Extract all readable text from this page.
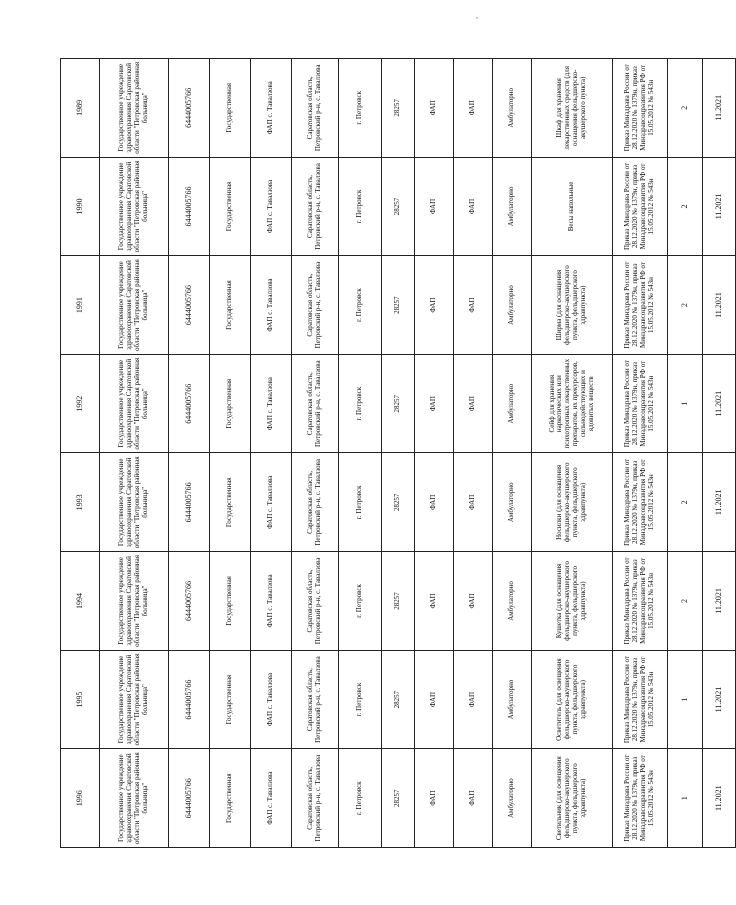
1996	1995	1994	1993	1992	1991	1990	1989
Государственное учреждение здравоохранения Саратовской области "Петровская районная больница"	Государственное учреждение здравоохранения Саратовской области "Петровская районная больница"	Государственное учреждение здравоохранения Саратовской области "Петровская районная больница"	Государственное учреждение здравоохранения Саратовской области "Петровская районная больница"	Государственное учреждение здравоохранения Саратовской области "Петровская районная больница"	Государственное учреждение здравоохранения Саратовской области "Петровская районная больница"	Государственное учреждение здравоохранения Саратовской области "Петровская районная больница"	Государственное учреждение здравоохранения Саратовской области "Петровская районная больница"
6444005766	6444005766	6444005766	6444005766	6444005766	6444005766	6444005766	6444005766
Государственная	Государственная	Государственная	Государственная	Государственная	Государственная	Государственная	Государственная
ФАП с. Тавалзова	ФАП с. Тавалзова	ФАП с. Тавалзова	ФАП с. Тавалзова	ФАП с. Тавалзова	ФАП с. Тавалзова	ФАП с. Тавалзова	ФАП с. Тавалзова
Саратовская область, Петровский р-н, с. Тавалзова	Саратовская область, Петровский р-н, с. Тавалзова	Саратовская область, Петровский р-н, с. Тавалзова	Саратовская область, Петровский р-н, с. Тавалзова	Саратовская область, Петровский р-н, с. Тавалзова	Саратовская область, Петровский р-н, с. Тавалзова	Саратовская область, Петровский р-н, с. Тавалзова	Саратовская область, Петровский р-н, с. Тавалзова
г. Петровск	г. Петровск	г. Петровск	г. Петровск	г. Петровск	г. Петровск	г. Петровск	г. Петровск
28257	28257	28257	28257	28257	28257	28257	28257
ФАП	ФАП	ФАП	ФАП	ФАП	ФАП	ФАП	ФАП
ФАП	ФАП	ФАП	ФАП	ФАП	ФАП	ФАП	ФАП
Амбулаторно	Амбулаторно	Амбулаторно	Амбулаторно	Амбулаторно	Амбулаторно	Амбулаторно	Амбулаторно
Светильник (для освещения фельдшерско-акушерского пункта, фельдшерского здравпункта)	Осветитель (для освещения фельдшерско-акушерского пункта, фельдшерского здравпункта)	Кушетка (для оснащения фельдшерско-акушерского пункта, фельдшерского здравпункта)	Носилки (для оснащения фельдшерско-акушерского пункта, фельдшерского здравпункта)	Сейф для хранения наркотических или психотропных лекарственных препаратов, их прекурсоров, сильнодействующих и ядовитых веществ	Ширма (для оснащения фельдшерско-акушерского пункта, фельдшерского здравпункта)	Весы напольные	Шкаф для хранения лекарственных средств (для оснащения фельдшерско-акушерского пункта)
Приказ Минздрава России от 28.12.2020 № 1379н, приказ Минздравсоцразвития РФ от 15.05.2012 № 543н	Приказ Минздрава России от 28.12.2020 № 1379н, приказ Минздравсоцразвития РФ от 15.05.2012 № 543н	Приказ Минздрава России от 28.12.2020 № 1379н, приказ Минздравсоцразвития РФ от 15.05.2012 № 543н	Приказ Минздрава России от 28.12.2020 № 1379н, приказ Минздравсоцразвития РФ от 15.05.2012 № 543н	Приказ Минздрава России от 28.12.2020 № 1379н, приказ Минздравсоцразвития РФ от 15.05.2012 № 543н	Приказ Минздрава России от 28.12.2020 № 1379н, приказ Минздравсоцразвития РФ от 15.05.2012 № 543н	Приказ Минздрава России от 28.12.2020 № 1379н, приказ Минздравсоцразвития РФ от 15.05.2012 № 543н	Приказ Минздрава России от 28.12.2020 № 1379н, приказ Минздравсоцразвития РФ от 15.05.2012 № 543н
1	1	2	2	1	2	2	2
11.2021	11.2021	11.2021	11.2021	11.2021	11.2021	11.2021	11.2021
